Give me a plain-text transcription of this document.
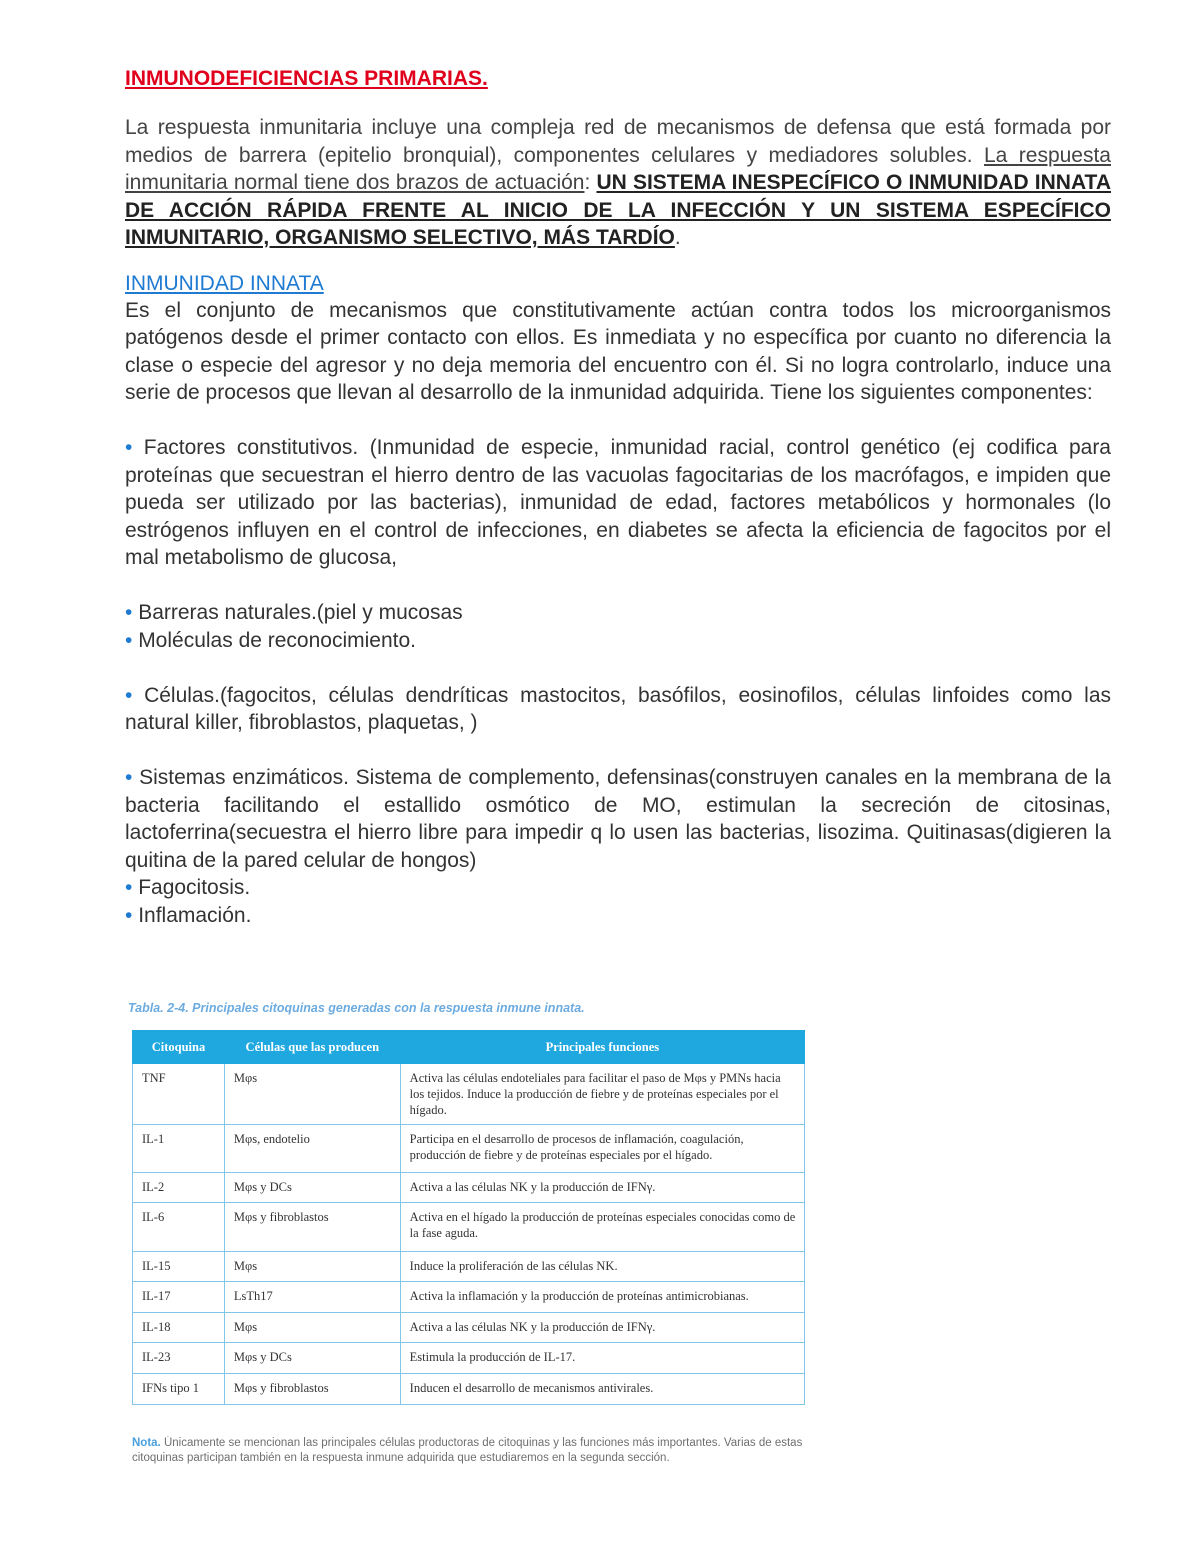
INMUNODEFICIENCIAS PRIMARIAS.

La respuesta inmunitaria incluye una compleja red de mecanismos de defensa que está formada por medios de barrera (epitelio bronquial), componentes celulares y mediadores solubles. La respuesta inmunitaria normal tiene dos brazos de actuación: UN SISTEMA INESPECÍFICO O INMUNIDAD INNATA DE ACCIÓN RÁPIDA FRENTE AL INICIO DE LA INFECCIÓN Y UN SISTEMA ESPECÍFICO INMUNITARIO, ORGANISMO SELECTIVO, MÁS TARDÍO.

INMUNIDAD INNATA

Es el conjunto de mecanismos que constitutivamente actúan contra todos los microorganismos patógenos desde el primer contacto con ellos. Es inmediata y no específica por cuanto no diferencia la clase o especie del agresor y no deja memoria del encuentro con él. Si no logra controlarlo, induce una serie de procesos que llevan al desarrollo de la inmunidad adquirida. Tiene los siguientes componentes:

• Factores constitutivos. (Inmunidad de especie, inmunidad racial, control genético (ej codifica para proteínas que secuestran el hierro dentro de las vacuolas fagocitarias de los macrófagos, e impiden que pueda ser utilizado por las bacterias), inmunidad de edad, factores metabólicos y hormonales (lo estrógenos influyen en el control de infecciones, en diabetes se afecta la eficiencia de fagocitos por el mal metabolismo de glucosa,

• Barreras naturales.(piel y mucosas

• Moléculas de reconocimiento.

• Células.(fagocitos, células dendríticas mastocitos, basófilos, eosinofilos, células linfoides como las natural killer, fibroblastos, plaquetas, )

• Sistemas enzimáticos. Sistema de complemento, defensinas(construyen canales en la membrana de la bacteria facilitando el estallido osmótico de MO, estimulan la secreción de citosinas, lactoferrina(secuestra el hierro libre para impedir q lo usen las bacterias, lisozima. Quitinasas(digieren la quitina de la pared celular de hongos)

• Fagocitosis.

• Inflamación.

Tabla. 2-4. Principales citoquinas generadas con la respuesta inmune innata.
Citoquina	Células que las producen	Principales funciones
TNF	Mφs	Activa las células endoteliales para facilitar el paso de Mφs y PMNs hacia los tejidos. Induce la producción de fiebre y de proteínas especiales por el hígado.
IL-1	Mφs, endotelio	Participa en el desarrollo de procesos de inflamación, coagulación, producción de fiebre y de proteínas especiales por el hígado.
IL-2	Mφs y DCs	Activa a las células NK y la producción de IFNγ.
IL-6	Mφs y fibroblastos	Activa en el hígado la producción de proteínas especiales conocidas como de la fase aguda.
IL-15	Mφs	Induce la proliferación de las células NK.
IL-17	LsTh17	Activa la inflamación y la producción de proteínas antimicrobianas.
IL-18	Mφs	Activa a las células NK y la producción de IFNγ.
IL-23	Mφs y DCs	Estimula la producción de IL-17.
IFNs tipo 1	Mφs y fibroblastos	Inducen el desarrollo de mecanismos antivirales.
Nota. Únicamente se mencionan las principales células productoras de citoquinas y las funciones más importantes. Varias de estas citoquinas participan también en la respuesta inmune adquirida que estudiaremos en la segunda sección.
